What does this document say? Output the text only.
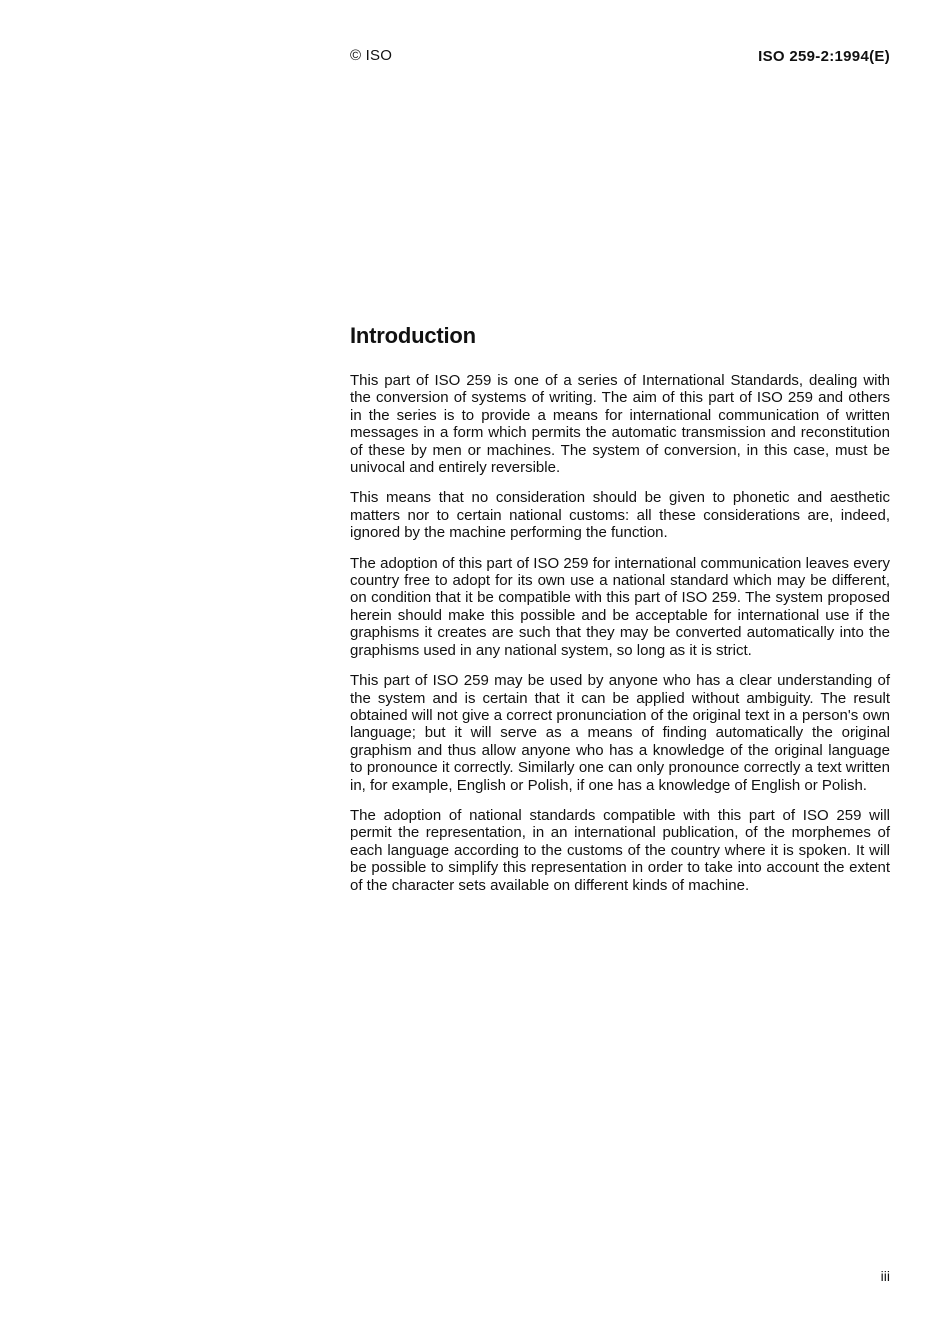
© ISO	ISO 259-2:1994(E)
Introduction

This part of ISO 259 is one of a series of International Standards, dealing with the conversion of systems of writing. The aim of this part of ISO 259 and others in the series is to provide a means for international communication of written messages in a form which permits the automatic transmission and reconstitution of these by men or machines. The system of conversion, in this case, must be univocal and entirely reversible.

This means that no consideration should be given to phonetic and aesthetic matters nor to certain national customs: all these considerations are, indeed, ignored by the machine performing the function.

The adoption of this part of ISO 259 for international communication leaves every country free to adopt for its own use a national standard which may be different, on condition that it be compatible with this part of ISO 259. The system proposed herein should make this possible and be acceptable for international use if the graphisms it creates are such that they may be converted automatically into the graphisms used in any national system, so long as it is strict.

This part of ISO 259 may be used by anyone who has a clear understanding of the system and is certain that it can be applied without ambiguity. The result obtained will not give a correct pronunciation of the original text in a person's own language; but it will serve as a means of finding automatically the original graphism and thus allow anyone who has a knowledge of the original language to pronounce it correctly. Similarly one can only pronounce correctly a text written in, for example, English or Polish, if one has a knowledge of English or Polish.

The adoption of national standards compatible with this part of ISO 259 will permit the representation, in an international publication, of the morphemes of each language according to the customs of the country where it is spoken. It will be possible to simplify this representation in order to take into account the extent of the character sets available on different kinds of machine.

iii
